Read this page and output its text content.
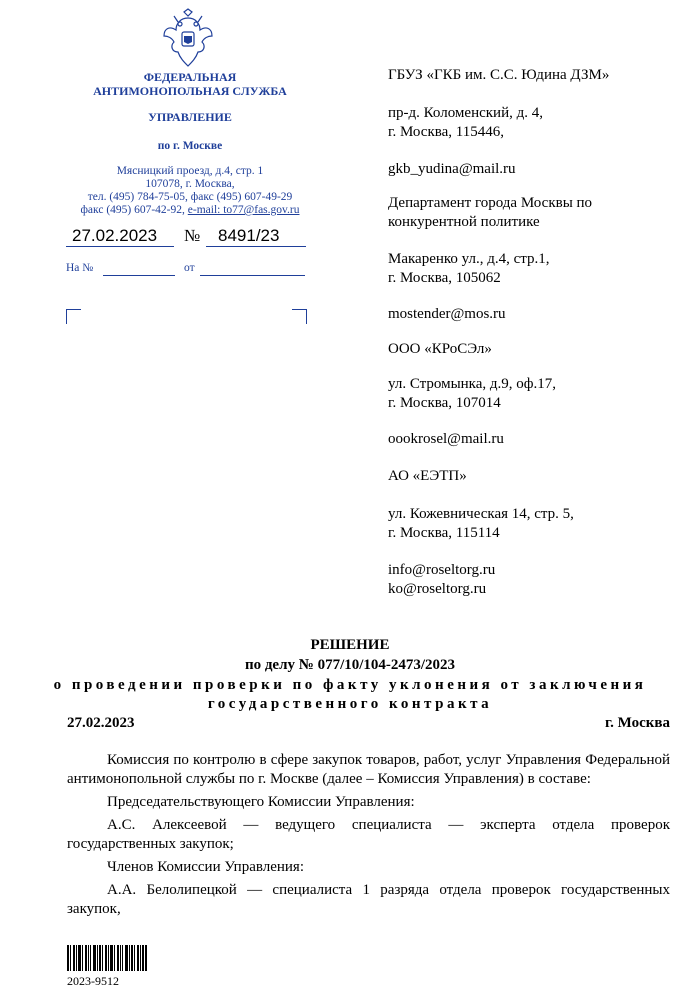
ФЕДЕРАЛЬНАЯ
АНТИМОНОПОЛЬНАЯ СЛУЖБА
УПРАВЛЕНИЕ
по г. Москве
Мясницкий проезд, д.4, стр. 1
107078, г. Москва,
тел. (495) 784-75-05, факс (495) 607-49-29
факс (495) 607-42-92, e-mail: to77@fas.gov.ru
27.02.2023 № 8491/23
На №	от

ГБУЗ «ГКБ им. С.С. Юдина ДЗМ»

пр-д. Коломенский, д. 4,

г. Москва, 115446,

gkb_yudina@mail.ru

Департамент города Москвы по

конкурентной политике

Макаренко ул., д.4, стр.1,

г. Москва, 105062

mostender@mos.ru

ООО «КРоСЭл»

ул. Стромынка, д.9, оф.17,

г. Москва, 107014

oookrosel@mail.ru

АО «ЕЭТП»

ул. Кожевническая 14, стр. 5,

г. Москва, 115114

info@roseltorg.ru

ko@roseltorg.ru

РЕШЕНИЕ
по делу № 077/10/104-2473/2023
о проведении проверки по факту уклонения от заключения
государственного контракта
27.02.2023	г. Москва

Комиссия по контролю в сфере закупок товаров, работ, услуг Управления Федеральной антимонопольной службы по г. Москве (далее – Комиссия Управления) в составе:

Председательствующего Комиссии Управления:

А.С. Алексеевой — ведущего специалиста — эксперта отдела проверок государственных закупок;

Членов Комиссии Управления:

А.А. Белолипецкой — специалиста 1 разряда отдела проверок государственных закупок,

2023-9512
